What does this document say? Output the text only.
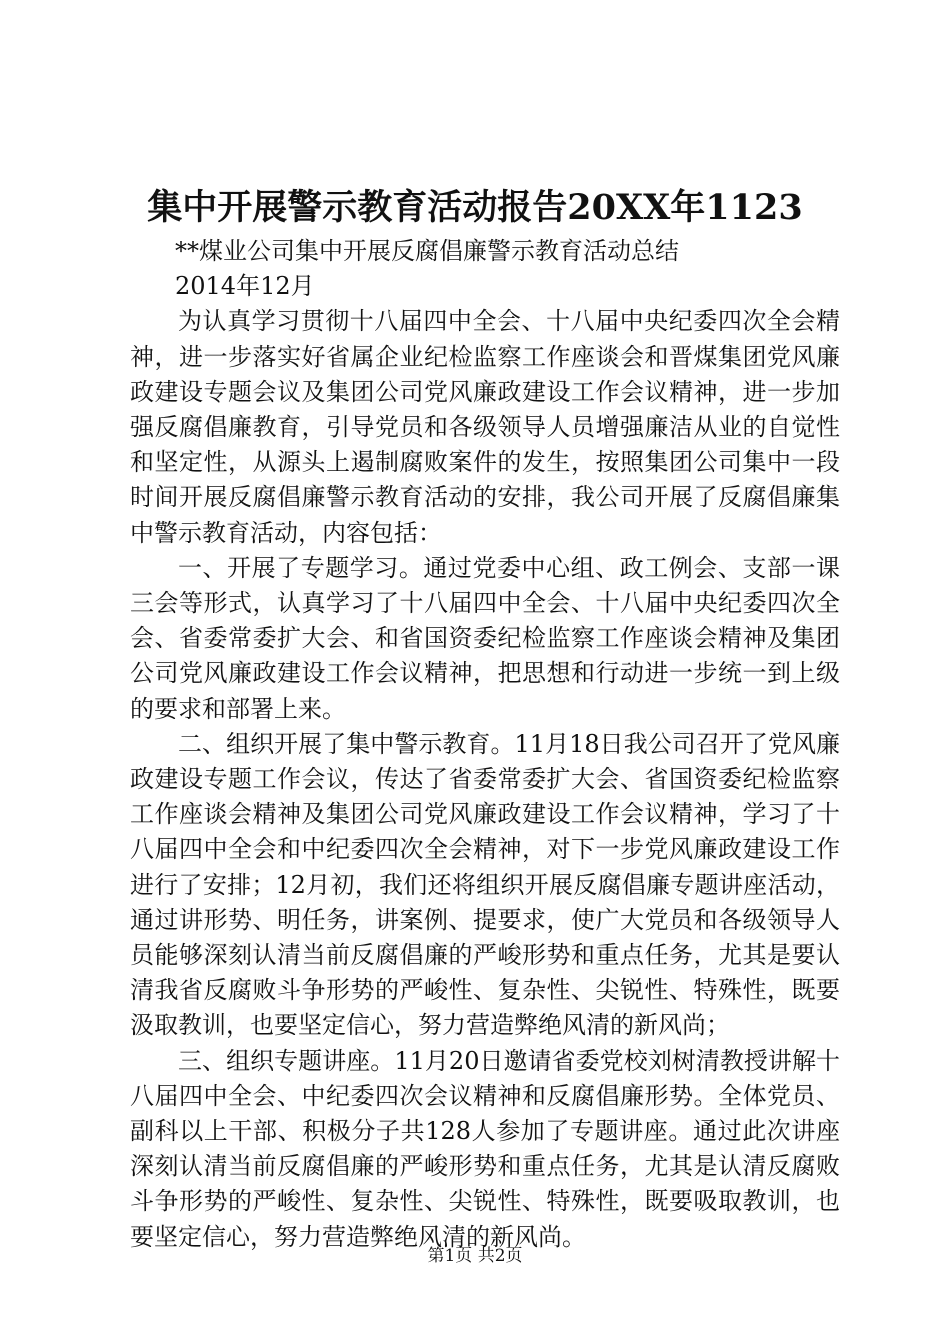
集中开展警示教育活动报告20XX年1123
**煤业公司集中开展反腐倡廉警示教育活动总结
2014年12月

为认真学习贯彻十八届四中全会、十八届中央纪委四次全会精神，进一步落实好省属企业纪检监察工作座谈会和晋煤集团党风廉政建设专题会议及集团公司党风廉政建设工作会议精神，进一步加强反腐倡廉教育，引导党员和各级领导人员增强廉洁从业的自觉性和坚定性，从源头上遏制腐败案件的发生，按照集团公司集中一段时间开展反腐倡廉警示教育活动的安排，我公司开展了反腐倡廉集中警示教育活动，内容包括：

一、开展了专题学习。通过党委中心组、政工例会、支部一课三会等形式，认真学习了十八届四中全会、十八届中央纪委四次全会、省委常委扩大会、和省国资委纪检监察工作座谈会精神及集团公司党风廉政建设工作会议精神，把思想和行动进一步统一到上级的要求和部署上来。

二、组织开展了集中警示教育。11月18日我公司召开了党风廉政建设专题工作会议，传达了省委常委扩大会、省国资委纪检监察工作座谈会精神及集团公司党风廉政建设工作会议精神，学习了十八届四中全会和中纪委四次全会精神，对下一步党风廉政建设工作进行了安排；12月初，我们还将组织开展反腐倡廉专题讲座活动，通过讲形势、明任务，讲案例、提要求，使广大党员和各级领导人员能够深刻认清当前反腐倡廉的严峻形势和重点任务，尤其是要认清我省反腐败斗争形势的严峻性、复杂性、尖锐性、特殊性，既要汲取教训，也要坚定信心，努力营造弊绝风清的新风尚；

三、组织专题讲座。11月20日邀请省委党校刘树清教授讲解十八届四中全会、中纪委四次会议精神和反腐倡廉形势。全体党员、副科以上干部、积极分子共128人参加了专题讲座。通过此次讲座深刻认清当前反腐倡廉的严峻形势和重点任务，尤其是认清反腐败斗争形势的严峻性、复杂性、尖锐性、特殊性，既要吸取教训，也要坚定信心，努力营造弊绝风清的新风尚。

第1页 共2页
